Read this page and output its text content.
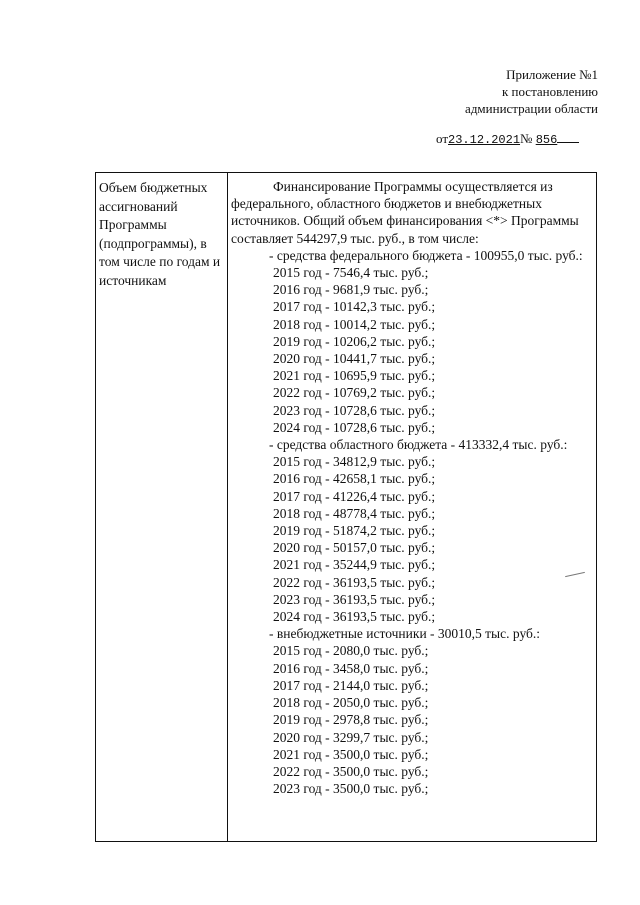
Приложение №1
к постановлению
администрации области
от23.12.2021№ 856
Объем бюджетных ассигнований Программы (подпрограммы), в том числе по годам и источникам

Финансирование Программы осуществляется из федерального, областного бюджетов и внебюджетных источников. Общий объем финансирования <*> Программы составляет 544297,9 тыс. руб., в том числе:

- средства федерального бюджета - 100955,0 тыс. руб.:

2015 год - 7546,4 тыс. руб.;
2016 год - 9681,9 тыс. руб.;
2017 год - 10142,3 тыс. руб.;
2018 год - 10014,2 тыс. руб.;
2019 год - 10206,2 тыс. руб.;
2020 год - 10441,7 тыс. руб.;
2021 год - 10695,9 тыс. руб.;
2022 год - 10769,2 тыс. руб.;
2023 год - 10728,6 тыс. руб.;
2024 год - 10728,6 тыс. руб.;

- средства областного бюджета - 413332,4 тыс. руб.:

2015 год - 34812,9 тыс. руб.;
2016 год - 42658,1 тыс. руб.;
2017 год - 41226,4 тыс. руб.;
2018 год - 48778,4 тыс. руб.;
2019 год - 51874,2 тыс. руб.;
2020 год - 50157,0 тыс. руб.;
2021 год - 35244,9 тыс. руб.;
2022 год - 36193,5 тыс. руб.;
2023 год - 36193,5 тыс. руб.;
2024 год - 36193,5 тыс. руб.;

- внебюджетные источники - 30010,5 тыс. руб.:

2015 год - 2080,0 тыс. руб.;
2016 год - 3458,0 тыс. руб.;
2017 год - 2144,0 тыс. руб.;
2018 год - 2050,0 тыс. руб.;
2019 год - 2978,8 тыс. руб.;
2020 год - 3299,7 тыс. руб.;
2021 год - 3500,0 тыс. руб.;
2022 год - 3500,0 тыс. руб.;
2023 год - 3500,0 тыс. руб.;
